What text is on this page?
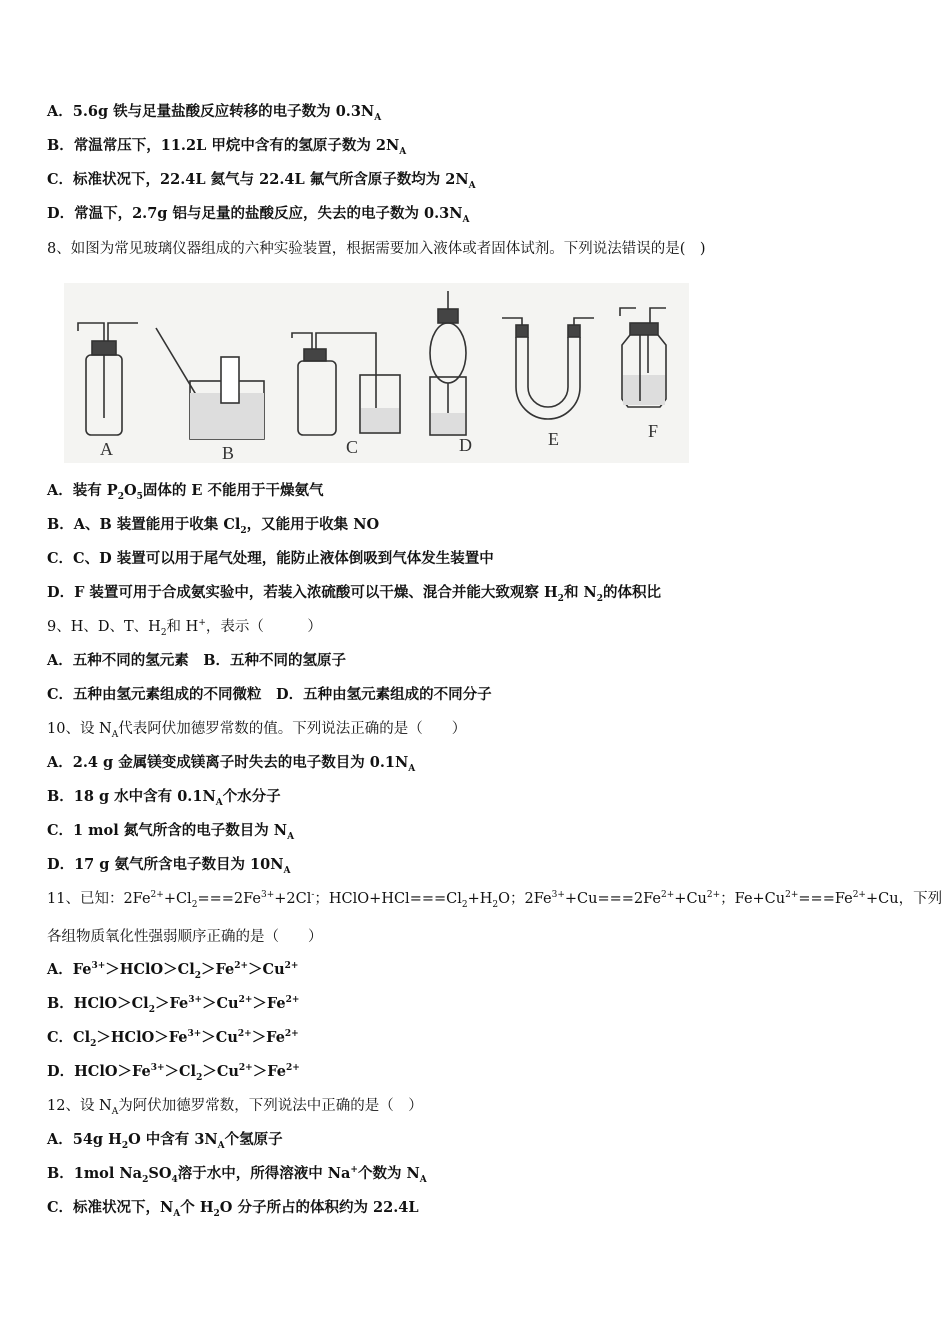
A	B	C	D	E	F
A．5.6g 铁与足量盐酸反应转移的电子数为 $0.3N_A$
B．常温常压下，11.2L 甲烷中含有的氢原子数为 $2N_A$
C．标准状况下，22.4L 氦气与 22.4L 氟气所含原子数均为 $2N_A$
D．常温下，2.7g 铝与足量的盐酸反应，失去的电子数为 $0.3N_A$
8、如图为常见玻璃仪器组成的六种实验装置，根据需要加入液体或者固体试剂。下列说法错误的是(　)
A．装有 $P_2O_5$固体的 E 不能用于干燥氨气
B．A、B 装置能用于收集 $Cl_2$，又能用于收集 NO
C．C、D 装置可以用于尾气处理，能防止液体倒吸到气体发生装置中
D．F 装置可用于合成氨实验中，若装入浓硫酸可以干燥、混合并能大致观察 $H_2$和 $N_2$的体积比
9、H、D、T、$H_2$和 H+，表示（　　　）
A．五种不同的氢元素　B．五种不同的氢原子
C．五种由氢元素组成的不同微粒　D．五种由氢元素组成的不同分子
10、设 $N_A$代表阿伏加德罗常数的值。下列说法正确的是（　　）
A．2.4 g 金属镁变成镁离子时失去的电子数目为 $0.1N_A$
B．18 g 水中含有 $0.1N_A$个水分子
C．1 mol 氮气所含的电子数目为 $N_A$
D．17 g 氨气所含电子数目为 $10N_A$
11、已知：$2Fe^{2+}+Cl_2===2Fe^{3+}+2Cl^-$；$HClO+HCl===Cl_2+H_2O$；$2Fe^{3+}+Cu===2Fe^{2+}+Cu^{2+}$；$Fe+Cu^{2+}===Fe^{2+}+Cu$，下列
各组物质氧化性强弱顺序正确的是（　　）
A．$Fe^{3+}>HClO>Cl_2>Fe^{2+}>Cu^{2+}$
B．$HClO>Cl_2>Fe^{3+}>Cu^{2+}>Fe^{2+}$
C．$Cl_2>HClO>Fe^{3+}>Cu^{2+}>Fe^{2+}$
D．$HClO>Fe^{3+}>Cl_2>Cu^{2+}>Fe^{2+}$
12、设 $N_A$为阿伏加德罗常数，下列说法中正确的是（　）
A．54g $H_2O$ 中含有 $3N_A$个氢原子
B．1mol $Na_2SO_4$溶于水中，所得溶液中 Na+个数为 $N_A$
C．标准状况下，$N_A$个 $H_2O$ 分子所占的体积约为 22.4L
